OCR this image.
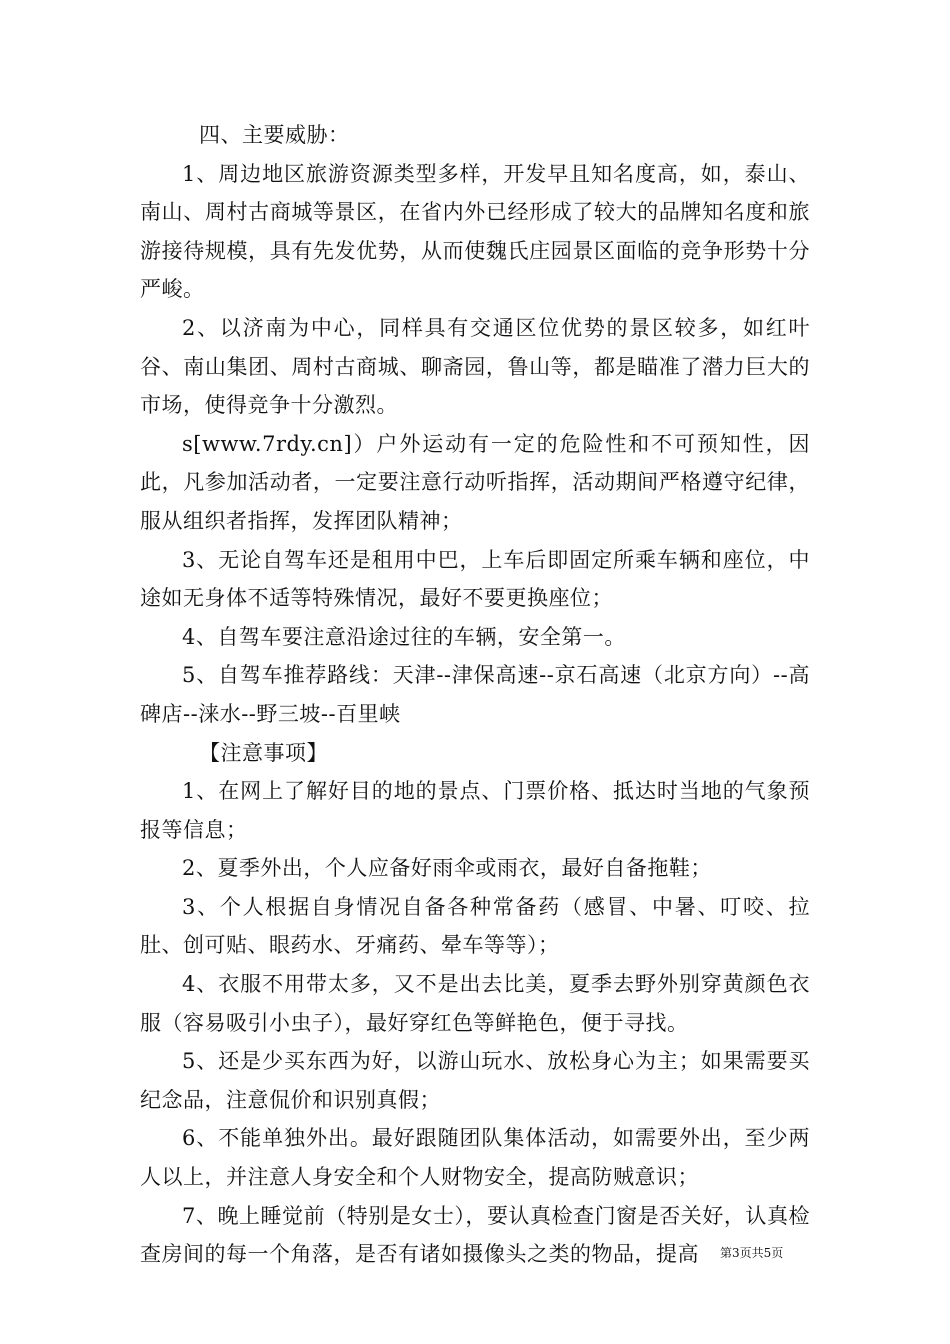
四、主要威胁：

1、周边地区旅游资源类型多样，开发早且知名度高，如，泰山、南山、周村古商城等景区，在省内外已经形成了较大的品牌知名度和旅游接待规模，具有先发优势，从而使魏氏庄园景区面临的竞争形势十分严峻。

2、以济南为中心，同样具有交通区位优势的景区较多，如红叶谷、南山集团、周村古商城、聊斋园，鲁山等，都是瞄准了潜力巨大的市场，使得竞争十分激烈。

s[www.7rdy.cn]）户外运动有一定的危险性和不可预知性，因此，凡参加活动者，一定要注意行动听指挥，活动期间严格遵守纪律，服从组织者指挥，发挥团队精神；

3、无论自驾车还是租用中巴，上车后即固定所乘车辆和座位，中途如无身体不适等特殊情况，最好不要更换座位；

4、自驾车要注意沿途过往的车辆，安全第一。

5、自驾车推荐路线：天津--津保高速--京石高速（北京方向）--高碑店--涞水--野三坡--百里峡

【注意事项】

1、在网上了解好目的地的景点、门票价格、抵达时当地的气象预报等信息；

2、夏季外出，个人应备好雨伞或雨衣，最好自备拖鞋；

3、个人根据自身情况自备各种常备药（感冒、中暑、叮咬、拉肚、创可贴、眼药水、牙痛药、晕车等等）；

4、衣服不用带太多，又不是出去比美，夏季去野外别穿黄颜色衣服（容易吸引小虫子），最好穿红色等鲜艳色，便于寻找。

5、还是少买东西为好，以游山玩水、放松身心为主；如果需要买纪念品，注意侃价和识别真假；

6、不能单独外出。最好跟随团队集体活动，如需要外出，至少两人以上，并注意人身安全和个人财物安全，提高防贼意识；

7、晚上睡觉前（特别是女士），要认真检查门窗是否关好，认真检查房间的每一个角落，是否有诸如摄像头之类的物品，提高	第3页共5页
